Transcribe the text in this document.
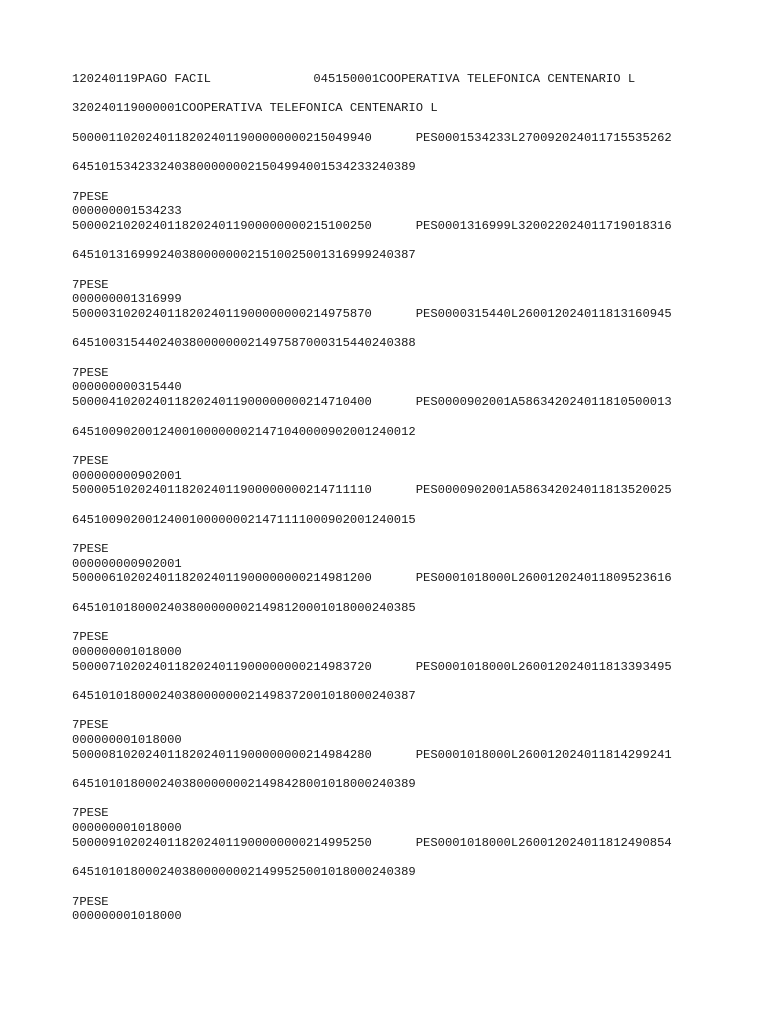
120240119PAGO FACIL              045150001COOPERATIVA TELEFONICA CENTENARIO L
320240119000001COOPERATIVA TELEFONICA CENTENARIO L
50000110202401182024011900000000215049940      PES0001534233L270092024011715535262
64510153423324038000000021504994001534233240389
7PESE
000000001534233
50000210202401182024011900000000215100250      PES0001316999L320022024011719018316
64510131699924038000000021510025001316999240387
7PESE
000000001316999
50000310202401182024011900000000214975870      PES0000315440L260012024011813160945
64510031544024038000000021497587000315440240388
7PESE
000000000315440
50000410202401182024011900000000214710400      PES0000902001A586342024011810500013
64510090200124001000000021471040000902001240012
7PESE
000000000902001
50000510202401182024011900000000214711110      PES0000902001A586342024011813520025
64510090200124001000000021471111000902001240015
7PESE
000000000902001
50000610202401182024011900000000214981200      PES0001018000L260012024011809523616
64510101800024038000000021498120001018000240385
7PESE
000000001018000
50000710202401182024011900000000214983720      PES0001018000L260012024011813393495
64510101800024038000000021498372001018000240387
7PESE
000000001018000
50000810202401182024011900000000214984280      PES0001018000L260012024011814299241
64510101800024038000000021498428001018000240389
7PESE
000000001018000
50000910202401182024011900000000214995250      PES0001018000L260012024011812490854
64510101800024038000000021499525001018000240389
7PESE
000000001018000
